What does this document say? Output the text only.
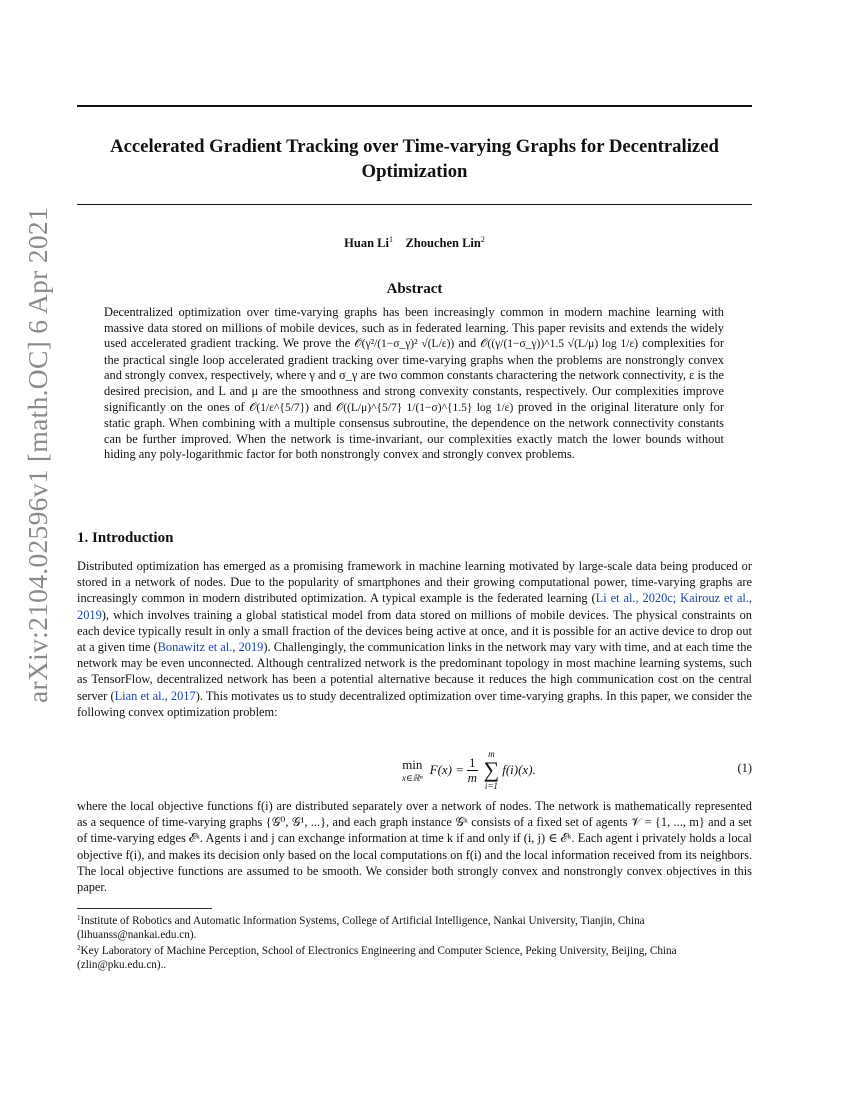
arXiv:2104.02596v1 [math.OC] 6 Apr 2021
Accelerated Gradient Tracking over Time-varying Graphs for Decentralized Optimization
Huan Li$^1$ Zhouchen Lin$^2$
Abstract
Decentralized optimization over time-varying graphs has been increasingly common in modern machine learning with massive data stored on millions of mobile devices, such as in federated learning. This paper revisits and extends the widely used accelerated gradient tracking. We prove the 𝒪(γ²/(1−σ_γ)² √(L/ε)) and 𝒪((γ/(1−σ_γ))^1.5 √(L/μ) log 1/ε) complexities for the practical single loop accelerated gradient tracking over time-varying graphs when the problems are nonstrongly convex and strongly convex, respectively, where γ and σ_γ are two common constants charactering the network connectivity, ε is the desired precision, and L and μ are the smoothness and strong convexity constants, respectively. Our complexities improve significantly on the ones of 𝒪(1/ε^{5/7}) and 𝒪((L/μ)^{5/7} 1/(1−σ)^{1.5} log 1/ε) proved in the original literature only for static graph. When combining with a multiple consensus subroutine, the dependence on the network connectivity constants can be further improved. When the network is time-invariant, our complexities exactly match the lower bounds without hiding any poly-logarithmic factor for both nonstrongly convex and strongly convex problems.
1. Introduction
Distributed optimization has emerged as a promising framework in machine learning motivated by large-scale data being produced or stored in a network of nodes. Due to the popularity of smartphones and their growing computational power, time-varying graphs are increasingly common in modern distributed optimization. A typical example is the federated learning (Li et al., 2020c; Kairouz et al., 2019), which involves training a global statistical model from data stored on millions of mobile devices. The physical constraints on each device typically result in only a small fraction of the devices being active at once, and it is possible for an active device to drop out at a given time (Bonawitz et al., 2019). Challengingly, the communication links in the network may vary with time, and at each time the network may be even unconnected. Although centralized network is the predominant topology in most machine learning systems, such as TensorFlow, decentralized network has been a potential alternative because it reduces the high communication cost on the central server (Lian et al., 2017). This motivates us to study decentralized optimization over time-varying graphs. In this paper, we consider the following convex optimization problem:
min
x∈ℝⁿ
$F(x) = \frac{1}{m}$
m
∑
i=1
f(i)(x).	(1)
where the local objective functions f(i) are distributed separately over a network of nodes. The network is mathematically represented as a sequence of time-varying graphs {𝒢⁰, 𝒢¹, ...}, and each graph instance 𝒢ᵏ consists of a fixed set of agents 𝒱 = {1, ..., m} and a set of time-varying edges ℰᵏ. Agents i and j can exchange information at time k if and only if (i, j) ∈ ℰᵏ. Each agent i privately holds a local objective f(i), and makes its decision only based on the local computations on f(i) and the local information received from its neighbors. The local objective functions are assumed to be smooth. We consider both strongly convex and nonstrongly convex objectives in this paper.
$^1$Institute of Robotics and Automatic Information Systems, College of Artificial Intelligence, Nankai University, Tianjin, China (lihuanss@nankai.edu.cn).
$^2$Key Laboratory of Machine Perception, School of Electronics Engineering and Computer Science, Peking University, Beijing, China (zlin@pku.edu.cn)..
